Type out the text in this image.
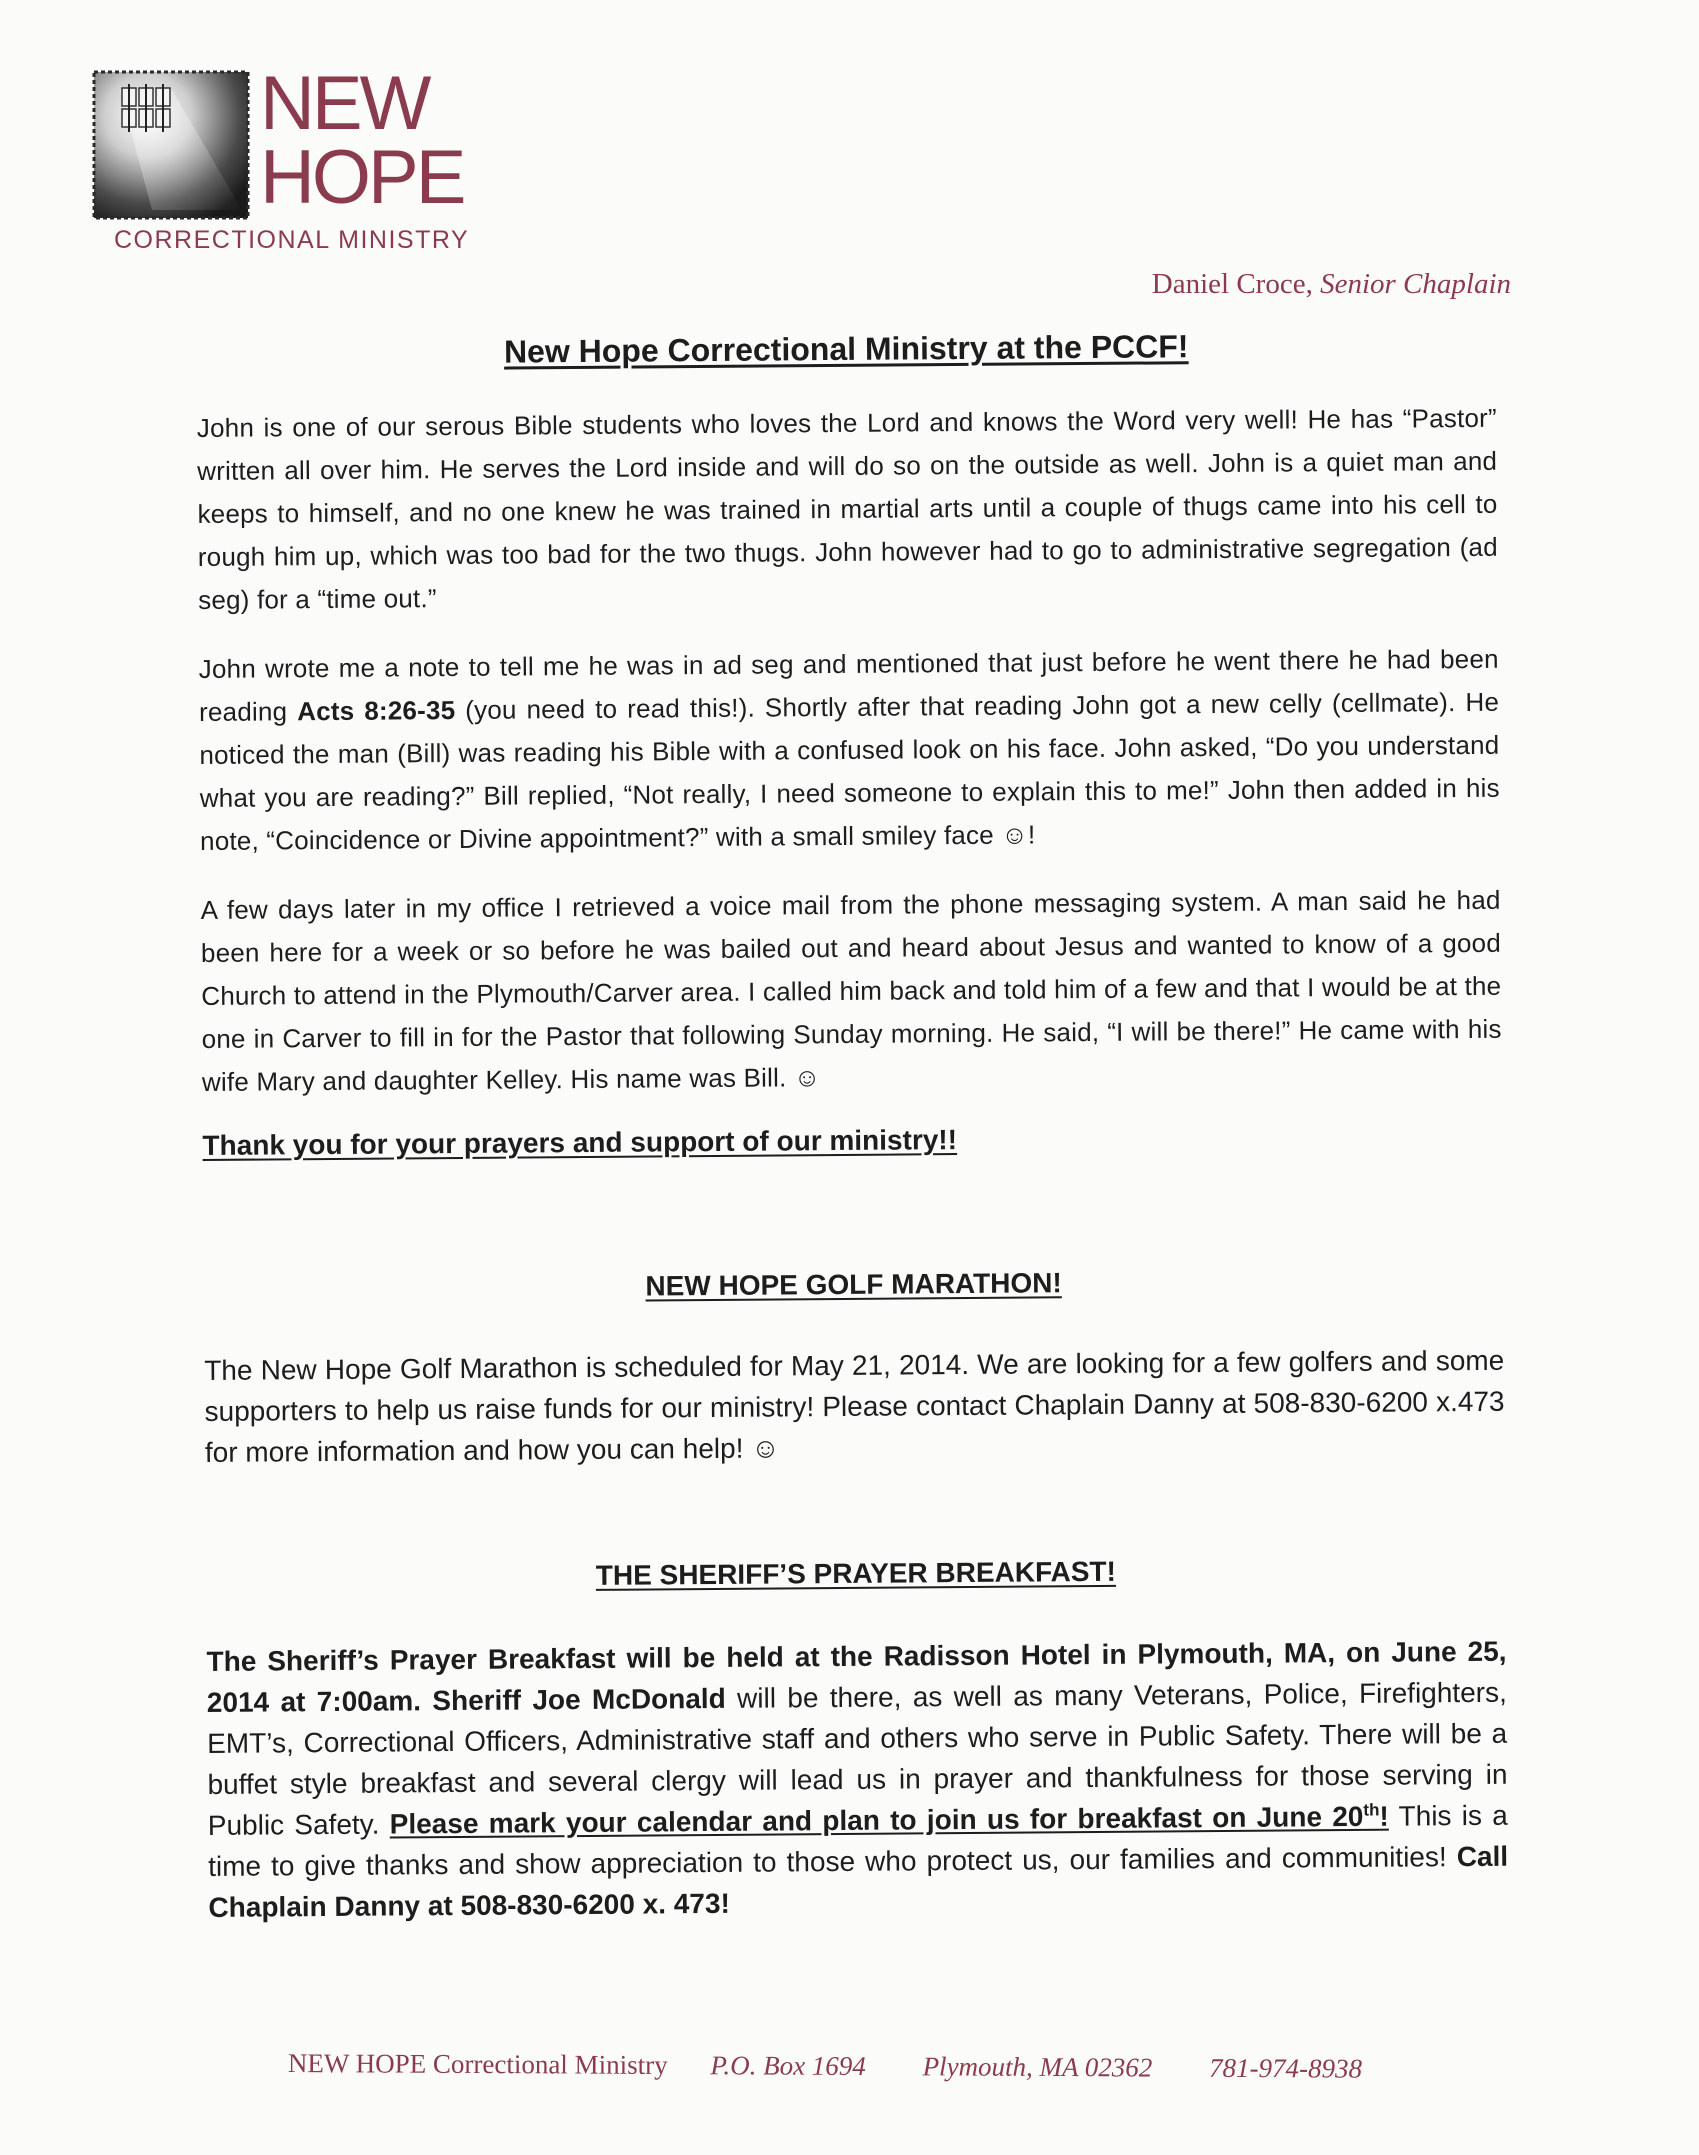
NEW
HOPE
CORRECTIONAL MINISTRY
Daniel Croce, Senior Chaplain
New Hope Correctional Ministry at the PCCF!

John is one of our serous Bible students who loves the Lord and knows the Word very well! He has “Pastor” written all over him. He serves the Lord inside and will do so on the outside as well. John is a quiet man and keeps to himself, and no one knew he was trained in martial arts until a couple of thugs came into his cell to rough him up, which was too bad for the two thugs. John however had to go to administrative segregation (ad seg) for a “time out.”

John wrote me a note to tell me he was in ad seg and mentioned that just before he went there he had been reading Acts 8:26-35 (you need to read this!). Shortly after that reading John got a new celly (cellmate). He noticed the man (Bill) was reading his Bible with a confused look on his face. John asked, “Do you understand what you are reading?” Bill replied, “Not really, I need someone to explain this to me!” John then added in his note, “Coincidence or Divine appointment?” with a small smiley face ☺!

A few days later in my office I retrieved a voice mail from the phone messaging system. A man said he had been here for a week or so before he was bailed out and heard about Jesus and wanted to know of a good Church to attend in the Plymouth/Carver area. I called him back and told him of a few and that I would be at the one in Carver to fill in for the Pastor that following Sunday morning. He said, “I will be there!” He came with his wife Mary and daughter Kelley. His name was Bill. ☺

Thank you for your prayers and support of our ministry!!

NEW HOPE GOLF MARATHON!

The New Hope Golf Marathon is scheduled for May 21, 2014. We are looking for a few golfers and some supporters to help us raise funds for our ministry! Please contact Chaplain Danny at 508-830-6200 x.473 for more information and how you can help! ☺

THE SHERIFF’S PRAYER BREAKFAST!

The Sheriff’s Prayer Breakfast will be held at the Radisson Hotel in Plymouth, MA, on June 25, 2014 at 7:00am. Sheriff Joe McDonald will be there, as well as many Veterans, Police, Firefighters, EMT’s, Correctional Officers, Administrative staff and others who serve in Public Safety. There will be a buffet style breakfast and several clergy will lead us in prayer and thankfulness for those serving in Public Safety. Please mark your calendar and plan to join us for breakfast on June 20th! This is a time to give thanks and show appreciation to those who protect us, our families and communities! Call Chaplain Danny at 508-830-6200 x. 473!

NEW HOPE Correctional Ministry P.O. Box 1694 Plymouth, MA 02362 781-974-8938
